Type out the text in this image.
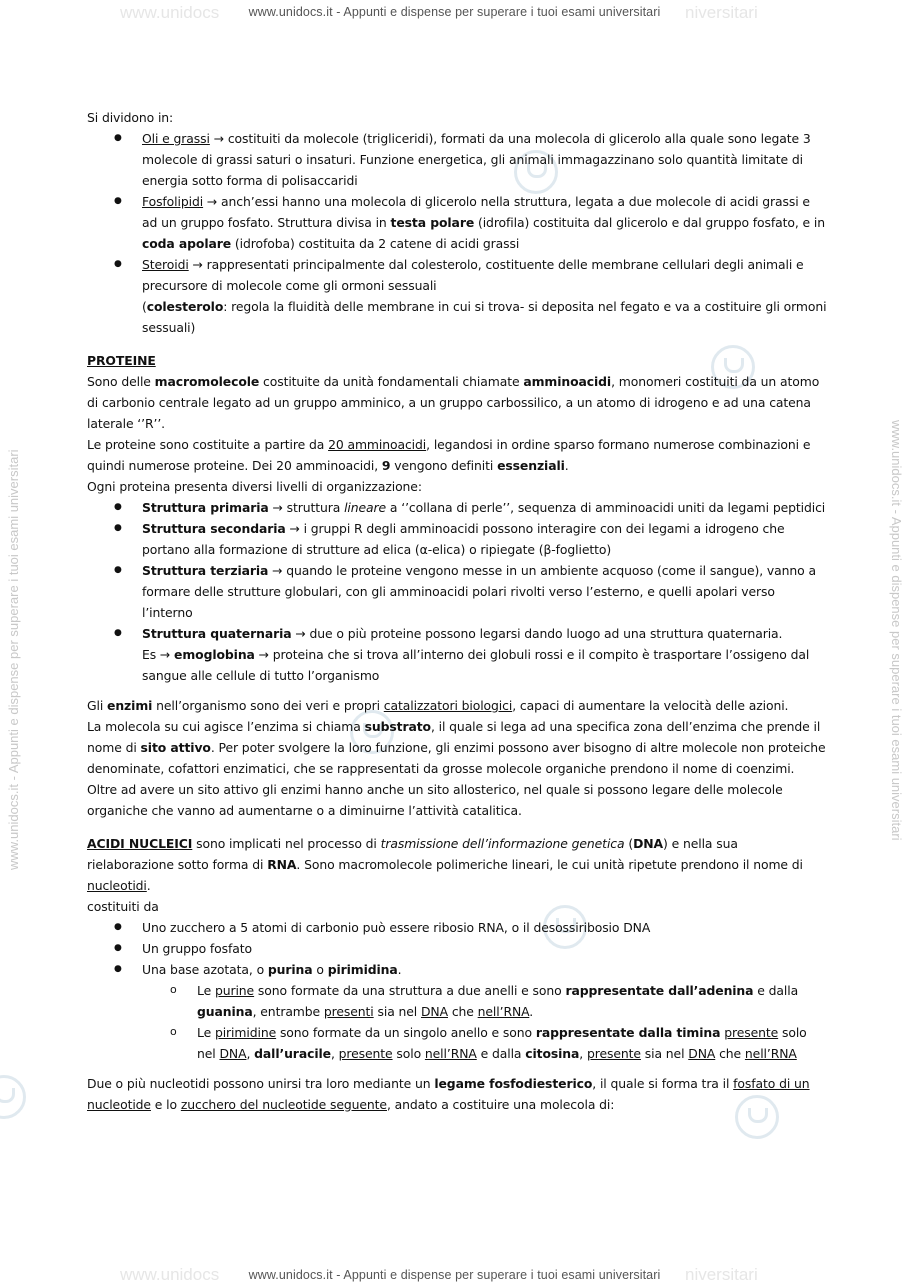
www.unidocs	niversitari
www.unidocs.it - Appunti e dispense per superare i tuoi esami universitari
www.unidocs	niversitari
www.unidocs.it - Appunti e dispense per superare i tuoi esami universitari
www.unidocs.it - Appunti e dispense per superare i tuoi esami universitari	www.unidocs.it - Appunti e dispense per superare i tuoi esami universitari

Si dividono in:

● Oli e grassi → costituiti da molecole (trigliceridi), formati da una molecola di glicerolo alla quale sono legate 3 molecole di grassi saturi o insaturi. Funzione energetica, gli animali immagazzinano solo quantità limitate di energia sotto forma di polisaccaridi
● Fosfolipidi → anch’essi hanno una molecola di glicerolo nella struttura, legata a due molecole di acidi grassi e ad un gruppo fosfato. Struttura divisa in testa polare (idrofila) costituita dal glicerolo e dal gruppo fosfato, e in coda apolare (idrofoba) costituita da 2 catene di acidi grassi
● Steroidi → rappresentati principalmente dal colesterolo, costituente delle membrane cellulari degli animali e precursore di molecole come gli ormoni sessuali
(colesterolo: regola la fluidità delle membrane in cui si trova- si deposita nel fegato e va a costituire gli ormoni sessuali)

PROTEINE

Sono delle macromolecole costituite da unità fondamentali chiamate amminoacidi, monomeri costituiti da un atomo di carbonio centrale legato ad un gruppo amminico, a un gruppo carbossilico, a un atomo di idrogeno e ad una catena laterale ‘’R’’.

Le proteine sono costituite a partire da 20 amminoacidi, legandosi in ordine sparso formano numerose combinazioni e quindi numerose proteine. Dei 20 amminoacidi, 9 vengono definiti essenziali.

Ogni proteina presenta diversi livelli di organizzazione:

● Struttura primaria → struttura lineare a ‘’collana di perle’’, sequenza di amminoacidi uniti da legami peptidici
● Struttura secondaria → i gruppi R degli amminoacidi possono interagire con dei legami a idrogeno che portano alla formazione di strutture ad elica (α-elica) o ripiegate (β-foglietto)
● Struttura terziaria → quando le proteine vengono messe in un ambiente acquoso (come il sangue), vanno a formare delle strutture globulari, con gli amminoacidi polari rivolti verso l’esterno, e quelli apolari verso l’interno
● Struttura quaternaria → due o più proteine possono legarsi dando luogo ad una struttura quaternaria.
Es → emoglobina → proteina che si trova all’interno dei globuli rossi e il compito è trasportare l’ossigeno dal sangue alle cellule di tutto l’organismo

Gli enzimi nell’organismo sono dei veri e propri catalizzatori biologici, capaci di aumentare la velocità delle azioni.

La molecola su cui agisce l’enzima si chiama substrato, il quale si lega ad una specifica zona dell’enzima che prende il nome di sito attivo. Per poter svolgere la loro funzione, gli enzimi possono aver bisogno di altre molecole non proteiche denominate, cofattori enzimatici, che se rappresentati da grosse molecole organiche prendono il nome di coenzimi.

Oltre ad avere un sito attivo gli enzimi hanno anche un sito allosterico, nel quale si possono legare delle molecole organiche che vanno ad aumentarne o a diminuirne l’attività catalitica.

ACIDI NUCLEICI sono implicati nel processo di trasmissione dell’informazione genetica (DNA) e nella sua rielaborazione sotto forma di RNA. Sono macromolecole polimeriche lineari, le cui unità ripetute prendono il nome di nucleotidi.

costituiti da

● Uno zucchero a 5 atomi di carbonio può essere ribosio RNA, o il desossiribosio DNA
● Un gruppo fosfato
● Una base azotata, o purina o pirimidina.
o Le purine sono formate da una struttura a due anelli e sono rappresentate dall’adenina e dalla guanina, entrambe presenti sia nel DNA che nell’RNA.
o Le pirimidine sono formate da un singolo anello e sono rappresentate dalla timina presente solo nel DNA, dall’uracile, presente solo nell’RNA e dalla citosina, presente sia nel DNA che nell’RNA

Due o più nucleotidi possono unirsi tra loro mediante un legame fosfodiesterico, il quale si forma tra il fosfato di un nucleotide e lo zucchero del nucleotide seguente, andato a costituire una molecola di:
